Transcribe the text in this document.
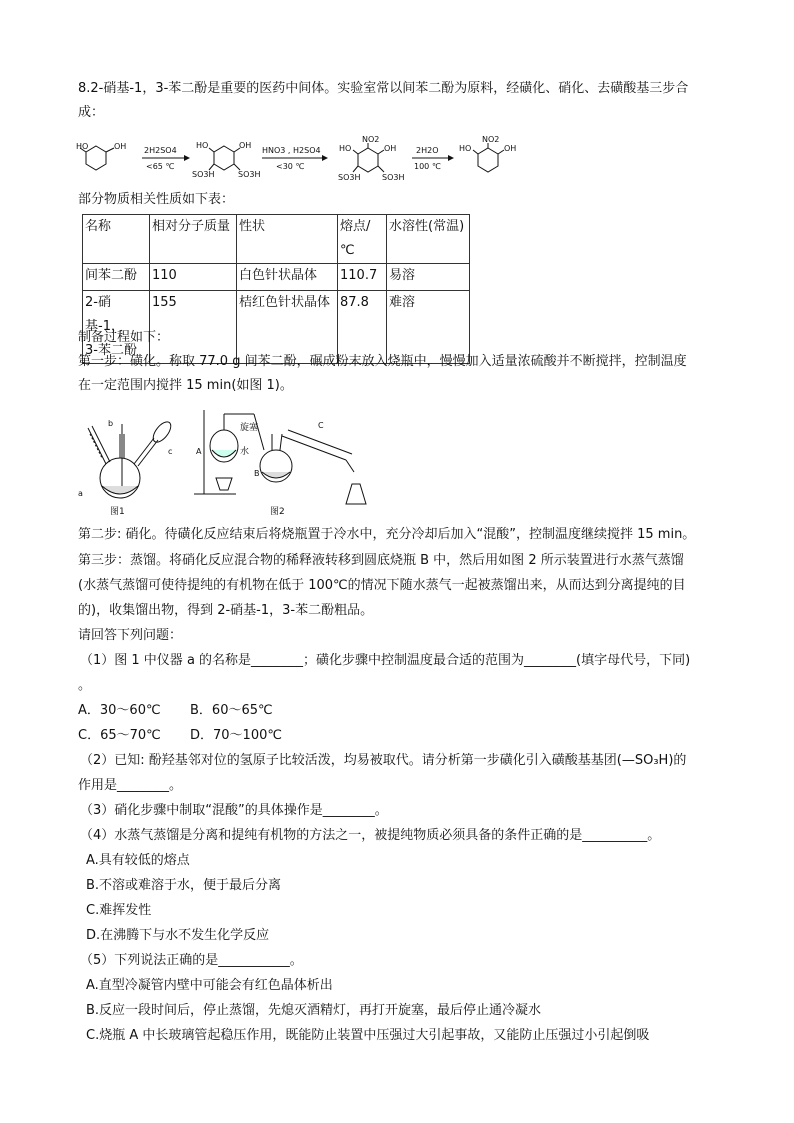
8.2-硝基-1，3-苯二酚是重要的医药中间体。实验室常以间苯二酚为原料，经磺化、硝化、去磺酸基三步合
成：
HO	OH 2H2SO4
<65 ℃
HO	OH
SO3H	SO3H
HNO3 , H2SO4
<30 ℃
NO2
HO	OH
SO3H	SO3H
2H2O
100 ℃
NO2
HO	OH
部分物质相关性质如下表：
名称	相对分子质量	性状	熔点/℃	水溶性(常温)
间苯二酚	110	白色针状晶体	110.7	易溶

2-硝基-1，
3-苯二酚	155	桔红色针状晶体	87.8	难溶
制备过程如下：
第一步：磺化。称取 77.0 g 间苯二酚，碾成粉末放入烧瓶中，慢慢加入适量浓硫酸并不断搅拌，控制温度
在一定范围内搅拌 15 min(如图 1)。
a
b
c
旋塞
水
A
B
C
图1	图2
第二步: 硝化。待磺化反应结束后将烧瓶置于冷水中，充分冷却后加入“混酸”，控制温度继续搅拌 15 min。
第三步：蒸馏。将硝化反应混合物的稀释液转移到圆底烧瓶 B 中，然后用如图 2 所示装置进行水蒸气蒸馏
(水蒸气蒸馏可使待提纯的有机物在低于 100℃的情况下随水蒸气一起被蒸馏出来，从而达到分离提纯的目
的)，收集馏出物，得到 2-硝基-1，3-苯二酚粗品。
请回答下列问题：
（1）图 1 中仪器 a 的名称是________；磺化步骤中控制温度最合适的范围为________(填字母代号，下同)
。
A．30～60℃	B．60～65℃
C．65～70℃	D．70～100℃
（2）已知: 酚羟基邻对位的氢原子比较活泼，均易被取代。请分析第一步磺化引入磺酸基基团(—SO₃H)的
作用是________。
（3）硝化步骤中制取“混酸”的具体操作是________。
（4）水蒸气蒸馏是分离和提纯有机物的方法之一，被提纯物质必须具备的条件正确的是__________。
A.具有较低的熔点
B.不溶或难溶于水，便于最后分离
C.难挥发性
D.在沸腾下与水不发生化学反应
（5）下列说法正确的是___________。
A.直型冷凝管内壁中可能会有红色晶体析出
B.反应一段时间后，停止蒸馏，先熄灭酒精灯，再打开旋塞，最后停止通冷凝水
C.烧瓶 A 中长玻璃管起稳压作用，既能防止装置中压强过大引起事故，又能防止压强过小引起倒吸
